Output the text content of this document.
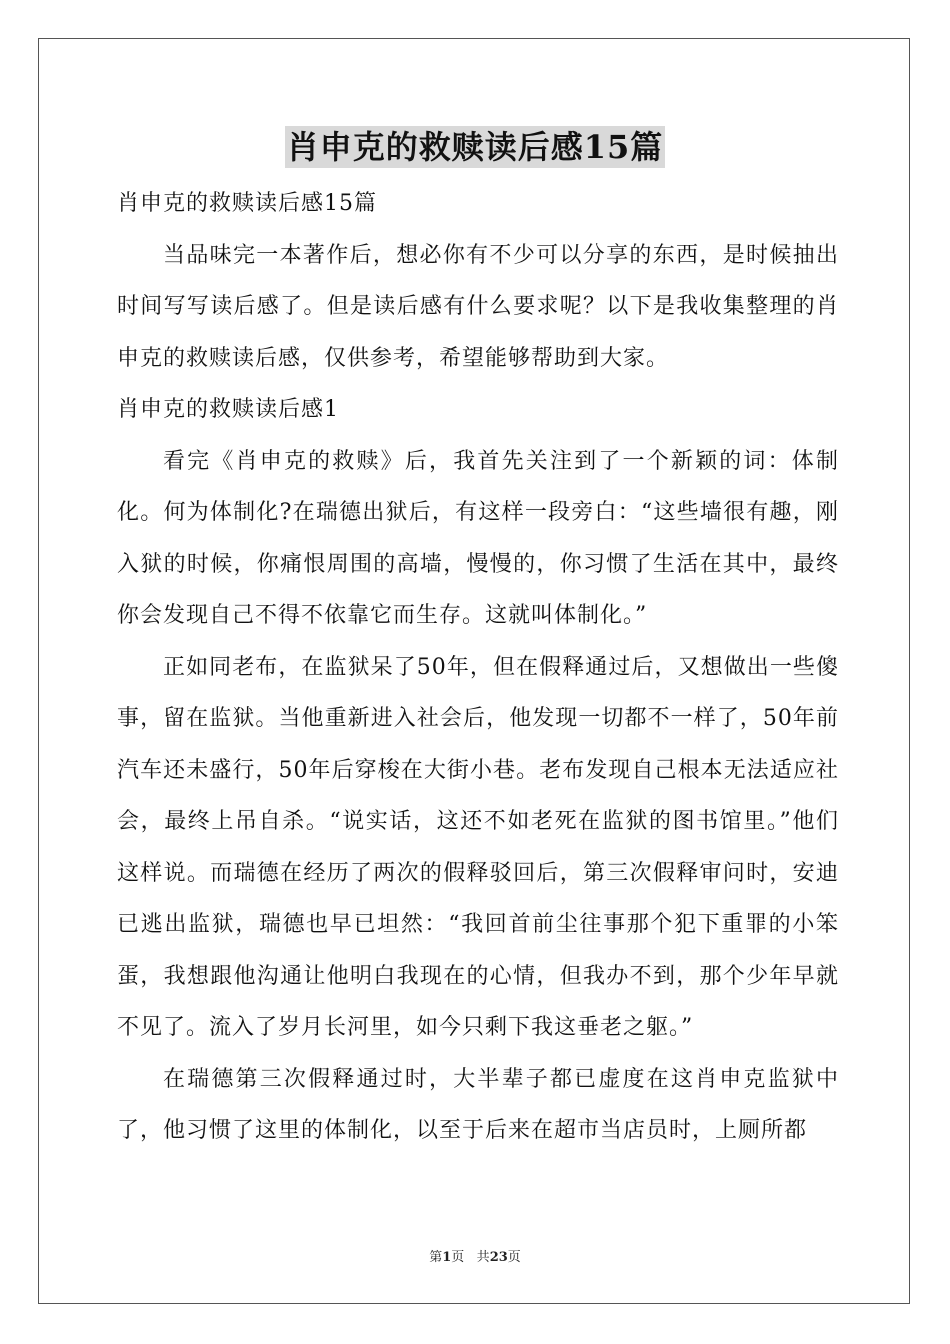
肖申克的救赎读后感15篇

肖申克的救赎读后感15篇

当品味完一本著作后，想必你有不少可以分享的东西，是时候抽出时间写写读后感了。但是读后感有什么要求呢？以下是我收集整理的肖申克的救赎读后感，仅供参考，希望能够帮助到大家。

肖申克的救赎读后感1

看完《肖申克的救赎》后，我首先关注到了一个新颖的词：体制化。何为体制化?在瑞德出狱后，有这样一段旁白：“这些墙很有趣，刚入狱的时候，你痛恨周围的高墙，慢慢的，你习惯了生活在其中，最终你会发现自己不得不依靠它而生存。这就叫体制化。”

正如同老布，在监狱呆了50年，但在假释通过后，又想做出一些傻事，留在监狱。当他重新进入社会后，他发现一切都不一样了，50年前汽车还未盛行，50年后穿梭在大街小巷。老布发现自己根本无法适应社会，最终上吊自杀。“说实话，这还不如老死在监狱的图书馆里。”他们这样说。而瑞德在经历了两次的假释驳回后，第三次假释审问时，安迪已逃出监狱，瑞德也早已坦然：“我回首前尘往事那个犯下重罪的小笨蛋，我想跟他沟通让他明白我现在的心情，但我办不到，那个少年早就不见了。流入了岁月长河里，如今只剩下我这垂老之躯。”

在瑞德第三次假释通过时，大半辈子都已虚度在这肖申克监狱中了，他习惯了这里的体制化，以至于后来在超市当店员时，上厕所都

第1页 共23页
